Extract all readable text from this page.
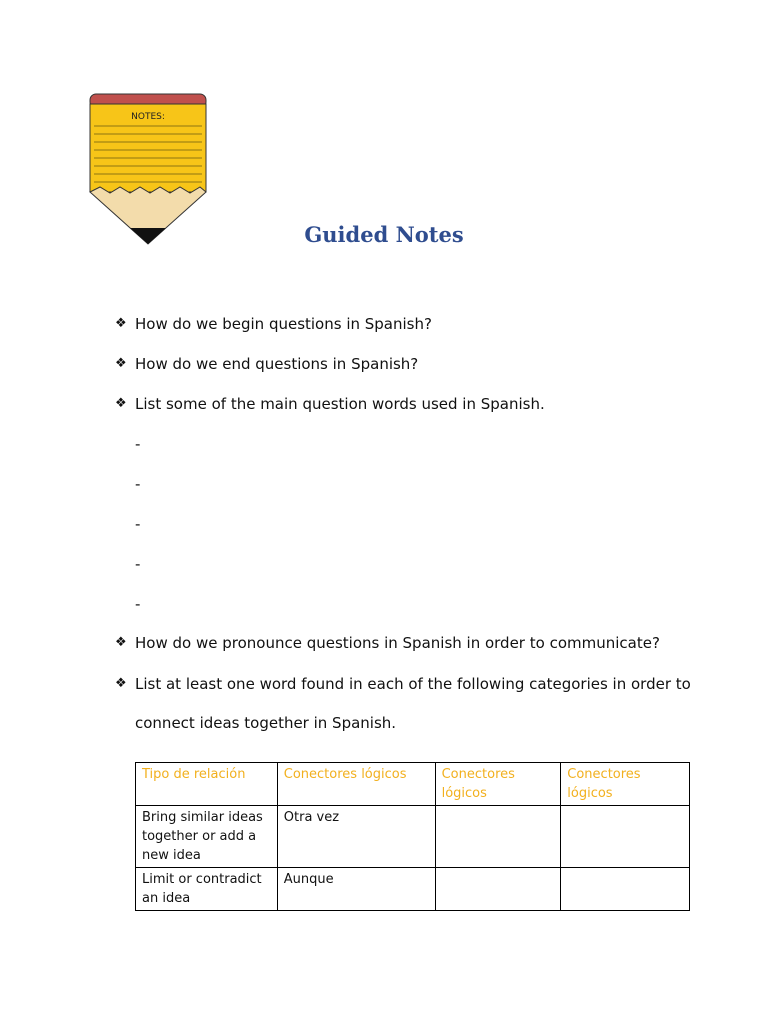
NOTES:
Guided Notes
❖ How do we begin questions in Spanish?
❖ How do we end questions in Spanish?
❖ List some of the main question words used in Spanish.
-
-
-
-
-
❖ How do we pronounce questions in Spanish in order to communicate?
❖ List at least one word found in each of the following categories in order to
connect ideas together in Spanish.
Tipo de relación	Conectores lógicos	Conectores lógicos	Conectores lógicos
Bring similar ideas together or add a new idea	Otra vez		
Limit or contradict an idea	Aunque		
